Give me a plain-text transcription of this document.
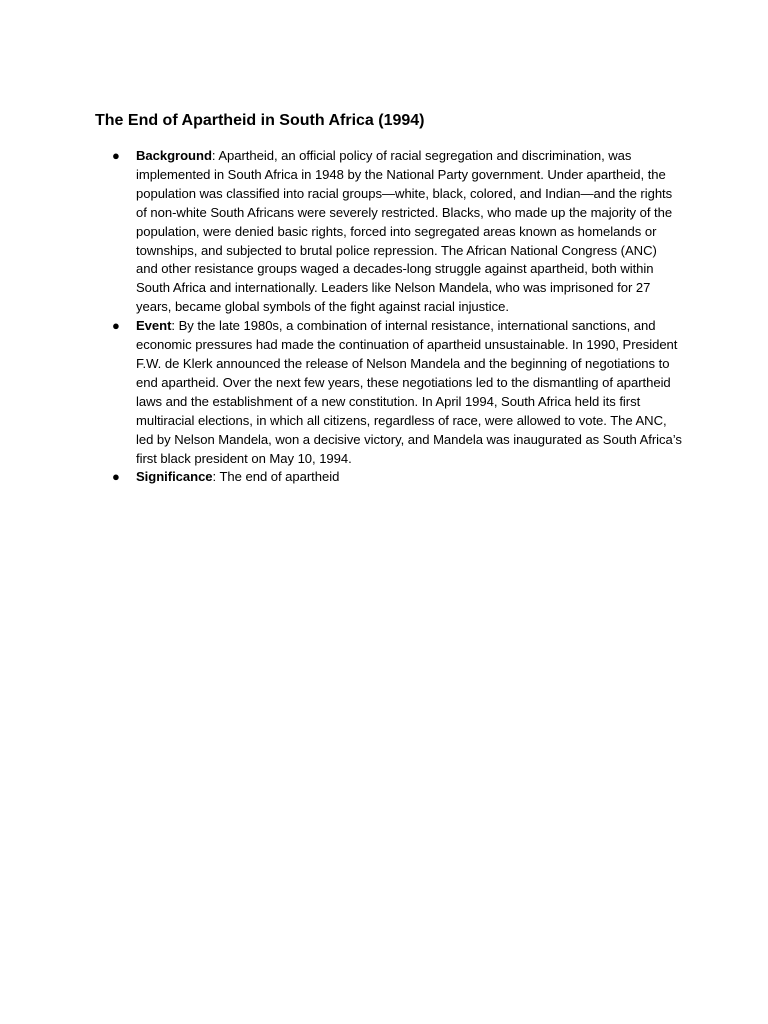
The End of Apartheid in South Africa (1994)
●	Background: Apartheid, an official policy of racial segregation and discrimination, was implemented in South Africa in 1948 by the National Party government. Under apartheid, the population was classified into racial groups—white, black, colored, and Indian—and the rights of non-white South Africans were severely restricted. Blacks, who made up the majority of the population, were denied basic rights, forced into segregated areas known as homelands or townships, and subjected to brutal police repression. The African National Congress (ANC) and other resistance groups waged a decades-long struggle against apartheid, both within South Africa and internationally. Leaders like Nelson Mandela, who was imprisoned for 27 years, became global symbols of the fight against racial injustice.
●	Event: By the late 1980s, a combination of internal resistance, international sanctions, and economic pressures had made the continuation of apartheid unsustainable. In 1990, President F.W. de Klerk announced the release of Nelson Mandela and the beginning of negotiations to end apartheid. Over the next few years, these negotiations led to the dismantling of apartheid laws and the establishment of a new constitution. In April 1994, South Africa held its first multiracial elections, in which all citizens, regardless of race, were allowed to vote. The ANC, led by Nelson Mandela, won a decisive victory, and Mandela was inaugurated as South Africa’s first black president on May 10, 1994.
●	Significance: The end of apartheid
